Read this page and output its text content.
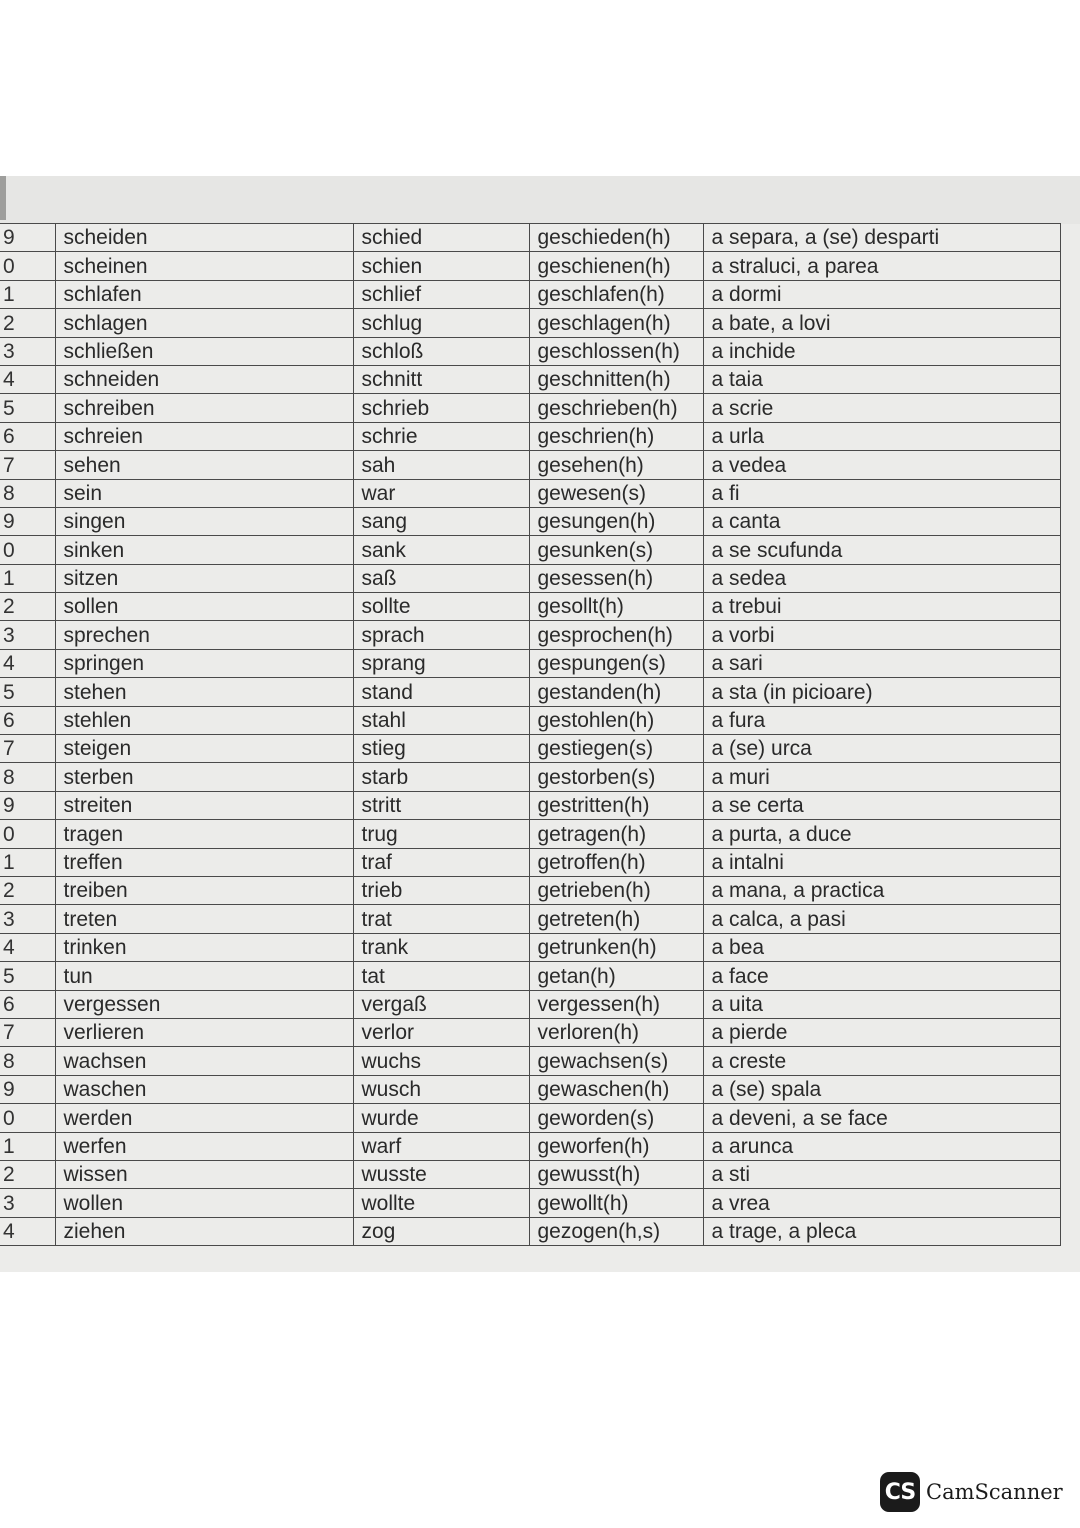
9	scheiden	schied	geschieden(h)	a separa, a (se) desparti
0	scheinen	schien	geschienen(h)	a straluci, a parea
1	schlafen	schlief	geschlafen(h)	a dormi
2	schlagen	schlug	geschlagen(h)	a bate, a lovi
3	schließen	schloß	geschlossen(h)	a inchide
4	schneiden	schnitt	geschnitten(h)	a taia
5	schreiben	schrieb	geschrieben(h)	a scrie
6	schreien	schrie	geschrien(h)	a urla
7	sehen	sah	gesehen(h)	a vedea
8	sein	war	gewesen(s)	a fi
9	singen	sang	gesungen(h)	a canta
0	sinken	sank	gesunken(s)	a se scufunda
1	sitzen	saß	gesessen(h)	a sedea
2	sollen	sollte	gesollt(h)	a trebui
3	sprechen	sprach	gesprochen(h)	a vorbi
4	springen	sprang	gespungen(s)	a sari
5	stehen	stand	gestanden(h)	a sta (in picioare)
6	stehlen	stahl	gestohlen(h)	a fura
7	steigen	stieg	gestiegen(s)	a (se) urca
8	sterben	starb	gestorben(s)	a muri
9	streiten	stritt	gestritten(h)	a se certa
0	tragen	trug	getragen(h)	a purta, a duce
1	treffen	traf	getroffen(h)	a intalni
2	treiben	trieb	getrieben(h)	a mana, a practica
3	treten	trat	getreten(h)	a calca, a pasi
4	trinken	trank	getrunken(h)	a bea
5	tun	tat	getan(h)	a face
6	vergessen	vergaß	vergessen(h)	a uita
7	verlieren	verlor	verloren(h)	a pierde
8	wachsen	wuchs	gewachsen(s)	a creste
9	waschen	wusch	gewaschen(h)	a (se) spala
0	werden	wurde	geworden(s)	a deveni, a se face
1	werfen	warf	geworfen(h)	a arunca
2	wissen	wusste	gewusst(h)	a sti
3	wollen	wollte	gewollt(h)	a vrea
4	ziehen	zog	gezogen(h,s)	a trage, a pleca
CS CamScanner
